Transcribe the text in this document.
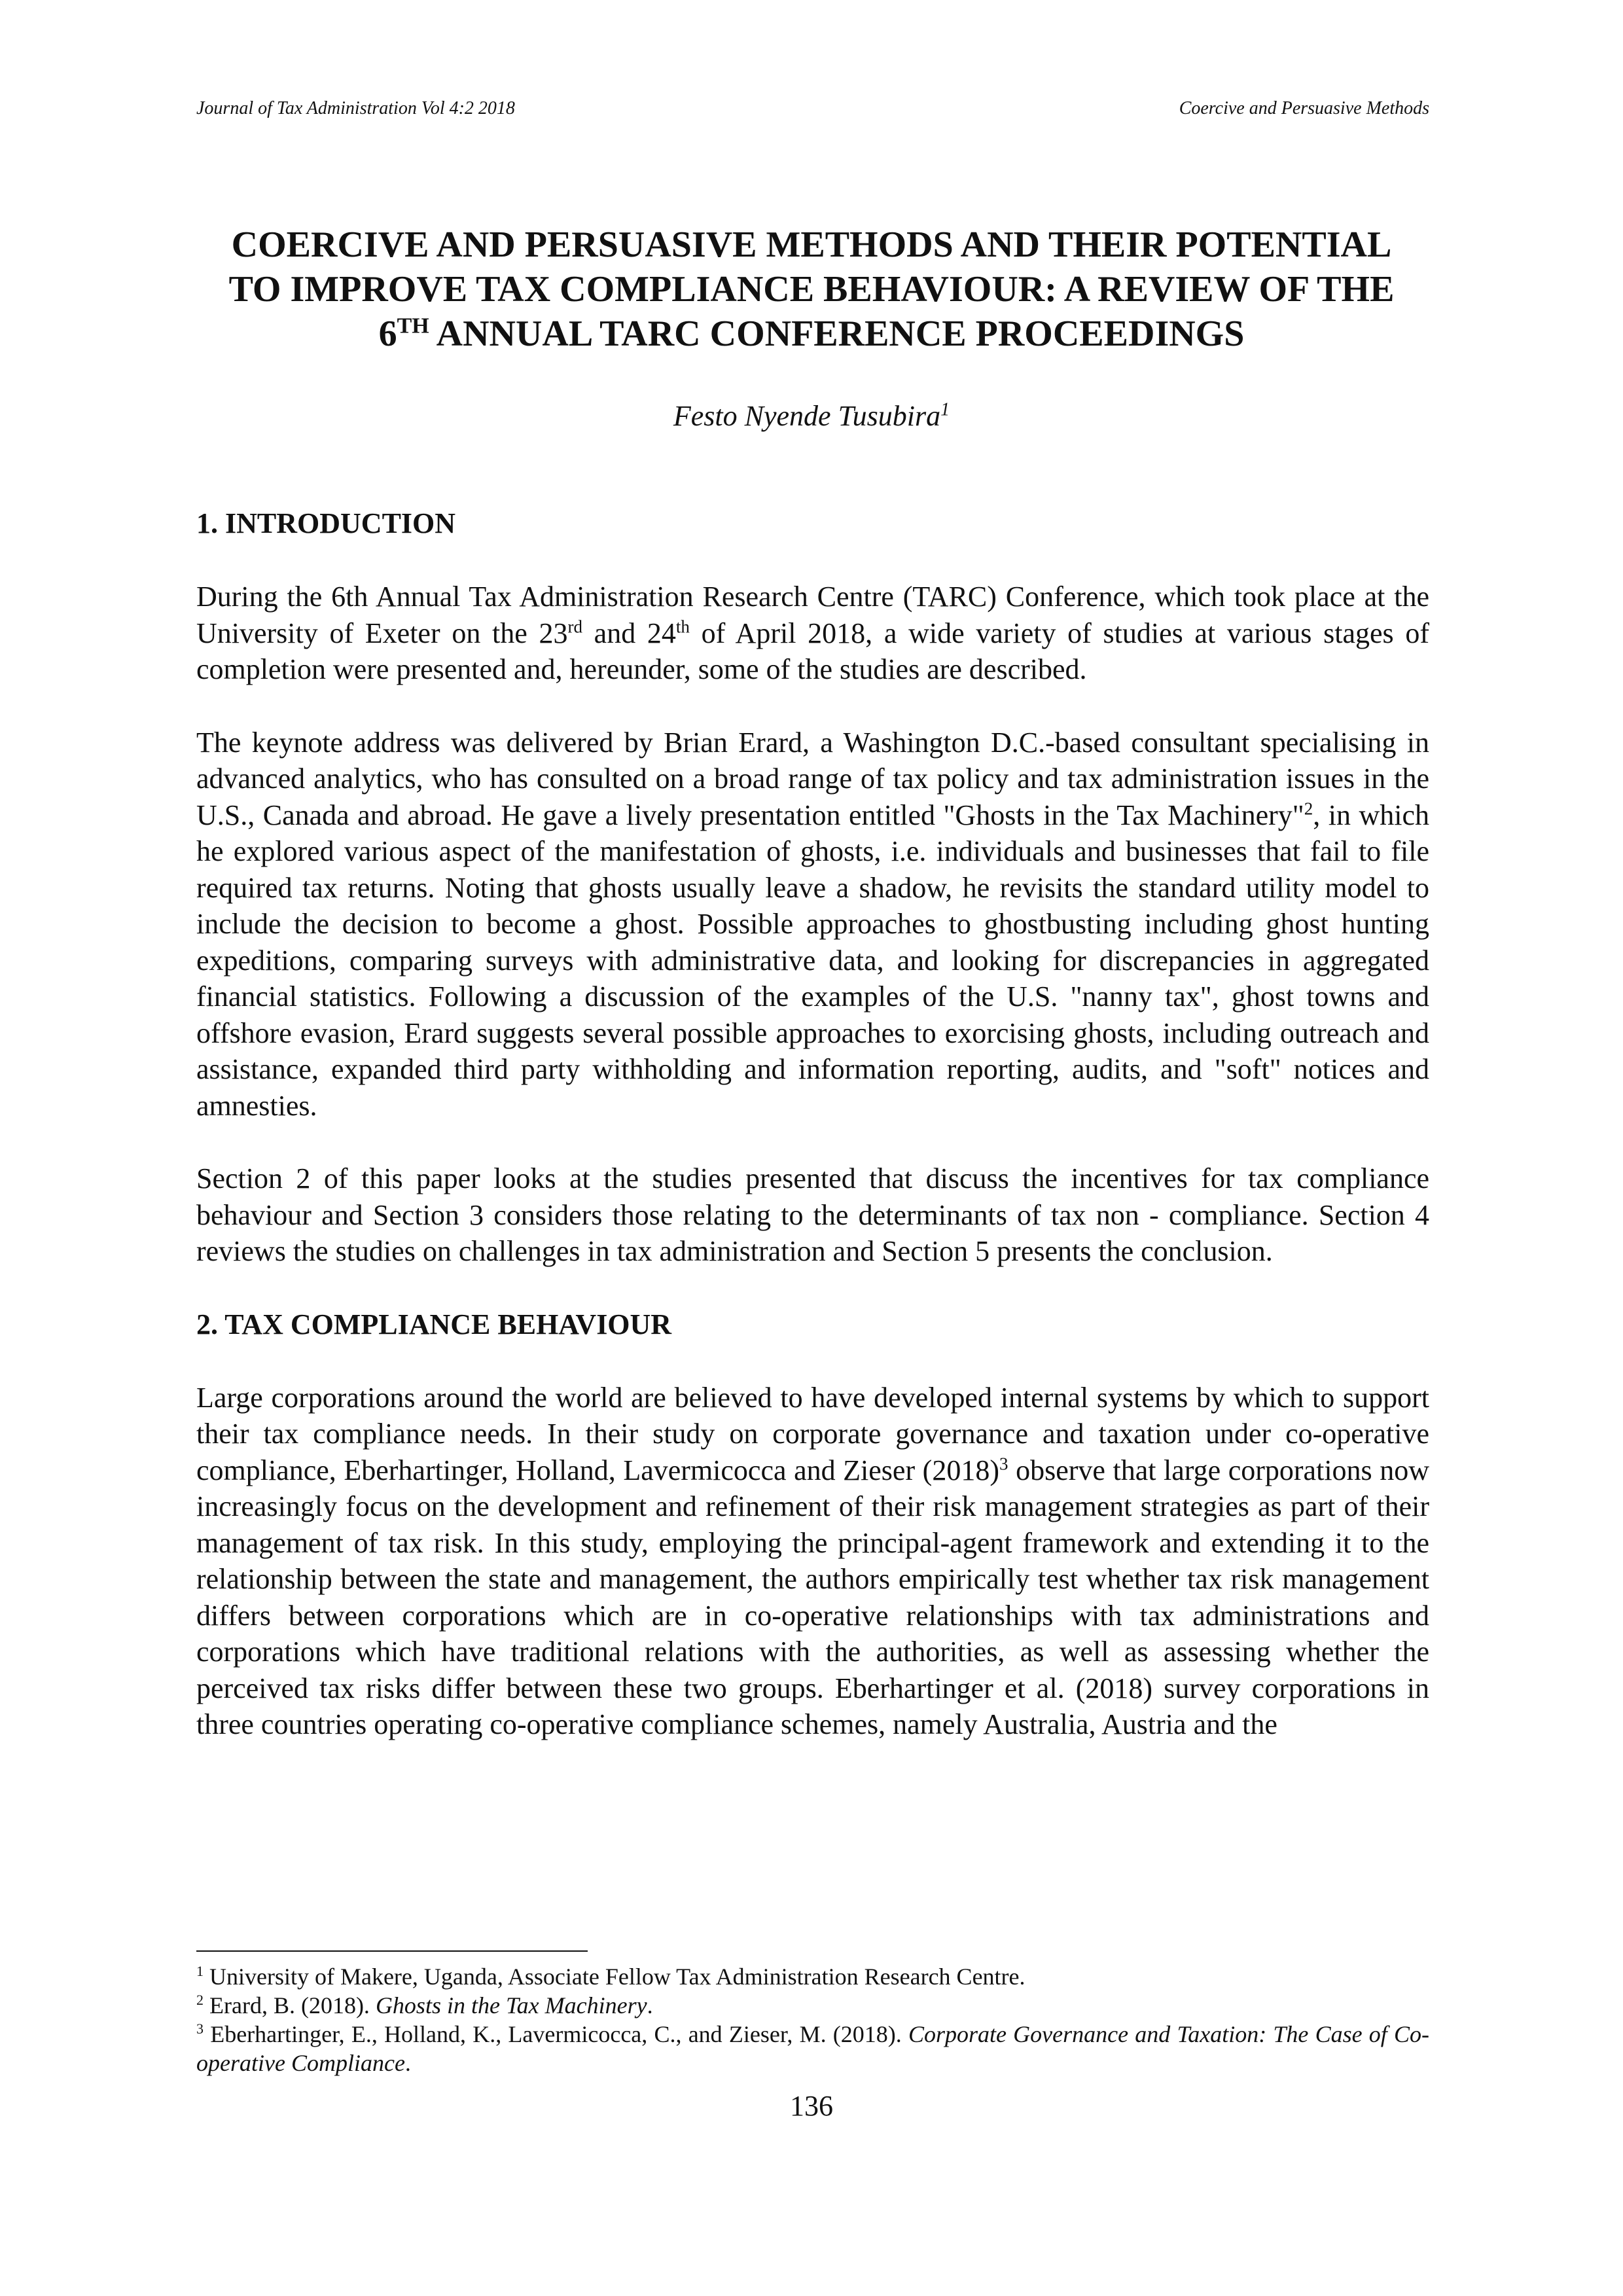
Journal of Tax Administration Vol 4:2 2018	Coercive and Persuasive Methods
COERCIVE AND PERSUASIVE METHODS AND THEIR POTENTIAL
TO IMPROVE TAX COMPLIANCE BEHAVIOUR: A REVIEW OF THE
6TH ANNUAL TARC CONFERENCE PROCEEDINGS
Festo Nyende Tusubira$^1$
1. INTRODUCTION

During the 6th Annual Tax Administration Research Centre (TARC) Conference, which took place at the University of Exeter on the 23rd and 24th of April 2018, a wide variety of studies at various stages of completion were presented and, hereunder, some of the studies are described.

The keynote address was delivered by Brian Erard, a Washington D.C.-based consultant specialising in advanced analytics, who has consulted on a broad range of tax policy and tax administration issues in the U.S., Canada and abroad. He gave a lively presentation entitled "Ghosts in the Tax Machinery"$^2$, in which he explored various aspect of the manifestation of ghosts, i.e. individuals and businesses that fail to file required tax returns. Noting that ghosts usually leave a shadow, he revisits the standard utility model to include the decision to become a ghost. Possible approaches to ghostbusting including ghost hunting expeditions, comparing surveys with administrative data, and looking for discrepancies in aggregated financial statistics. Following a discussion of the examples of the U.S. "nanny tax", ghost towns and offshore evasion, Erard suggests several possible approaches to exorcising ghosts, including outreach and assistance, expanded third party withholding and information reporting, audits, and "soft" notices and amnesties.

Section 2 of this paper looks at the studies presented that discuss the incentives for tax compliance behaviour and Section 3 considers those relating to the determinants of tax non - compliance. Section 4 reviews the studies on challenges in tax administration and Section 5 presents the conclusion.

2. TAX COMPLIANCE BEHAVIOUR

Large corporations around the world are believed to have developed internal systems by which to support their tax compliance needs. In their study on corporate governance and taxation under co-operative compliance, Eberhartinger, Holland, Lavermicocca and Zieser $(2018)^3$ observe that large corporations now increasingly focus on the development and refinement of their risk management strategies as part of their management of tax risk. In this study, employing the principal-agent framework and extending it to the relationship between the state and management, the authors empirically test whether tax risk management differs between corporations which are in co-operative relationships with tax administrations and corporations which have traditional relations with the authorities, as well as assessing whether the perceived tax risks differ between these two groups. Eberhartinger et al. (2018) survey corporations in three countries operating co-operative compliance schemes, namely Australia, Austria and the

$^1$ University of Makere, Uganda, Associate Fellow Tax Administration Research Centre.

$^2$ Erard, B. (2018). Ghosts in the Tax Machinery.

$^3$ Eberhartinger, E., Holland, K., Lavermicocca, C., and Zieser, M. (2018). Corporate Governance and Taxation: The Case of Co-operative Compliance.

136
